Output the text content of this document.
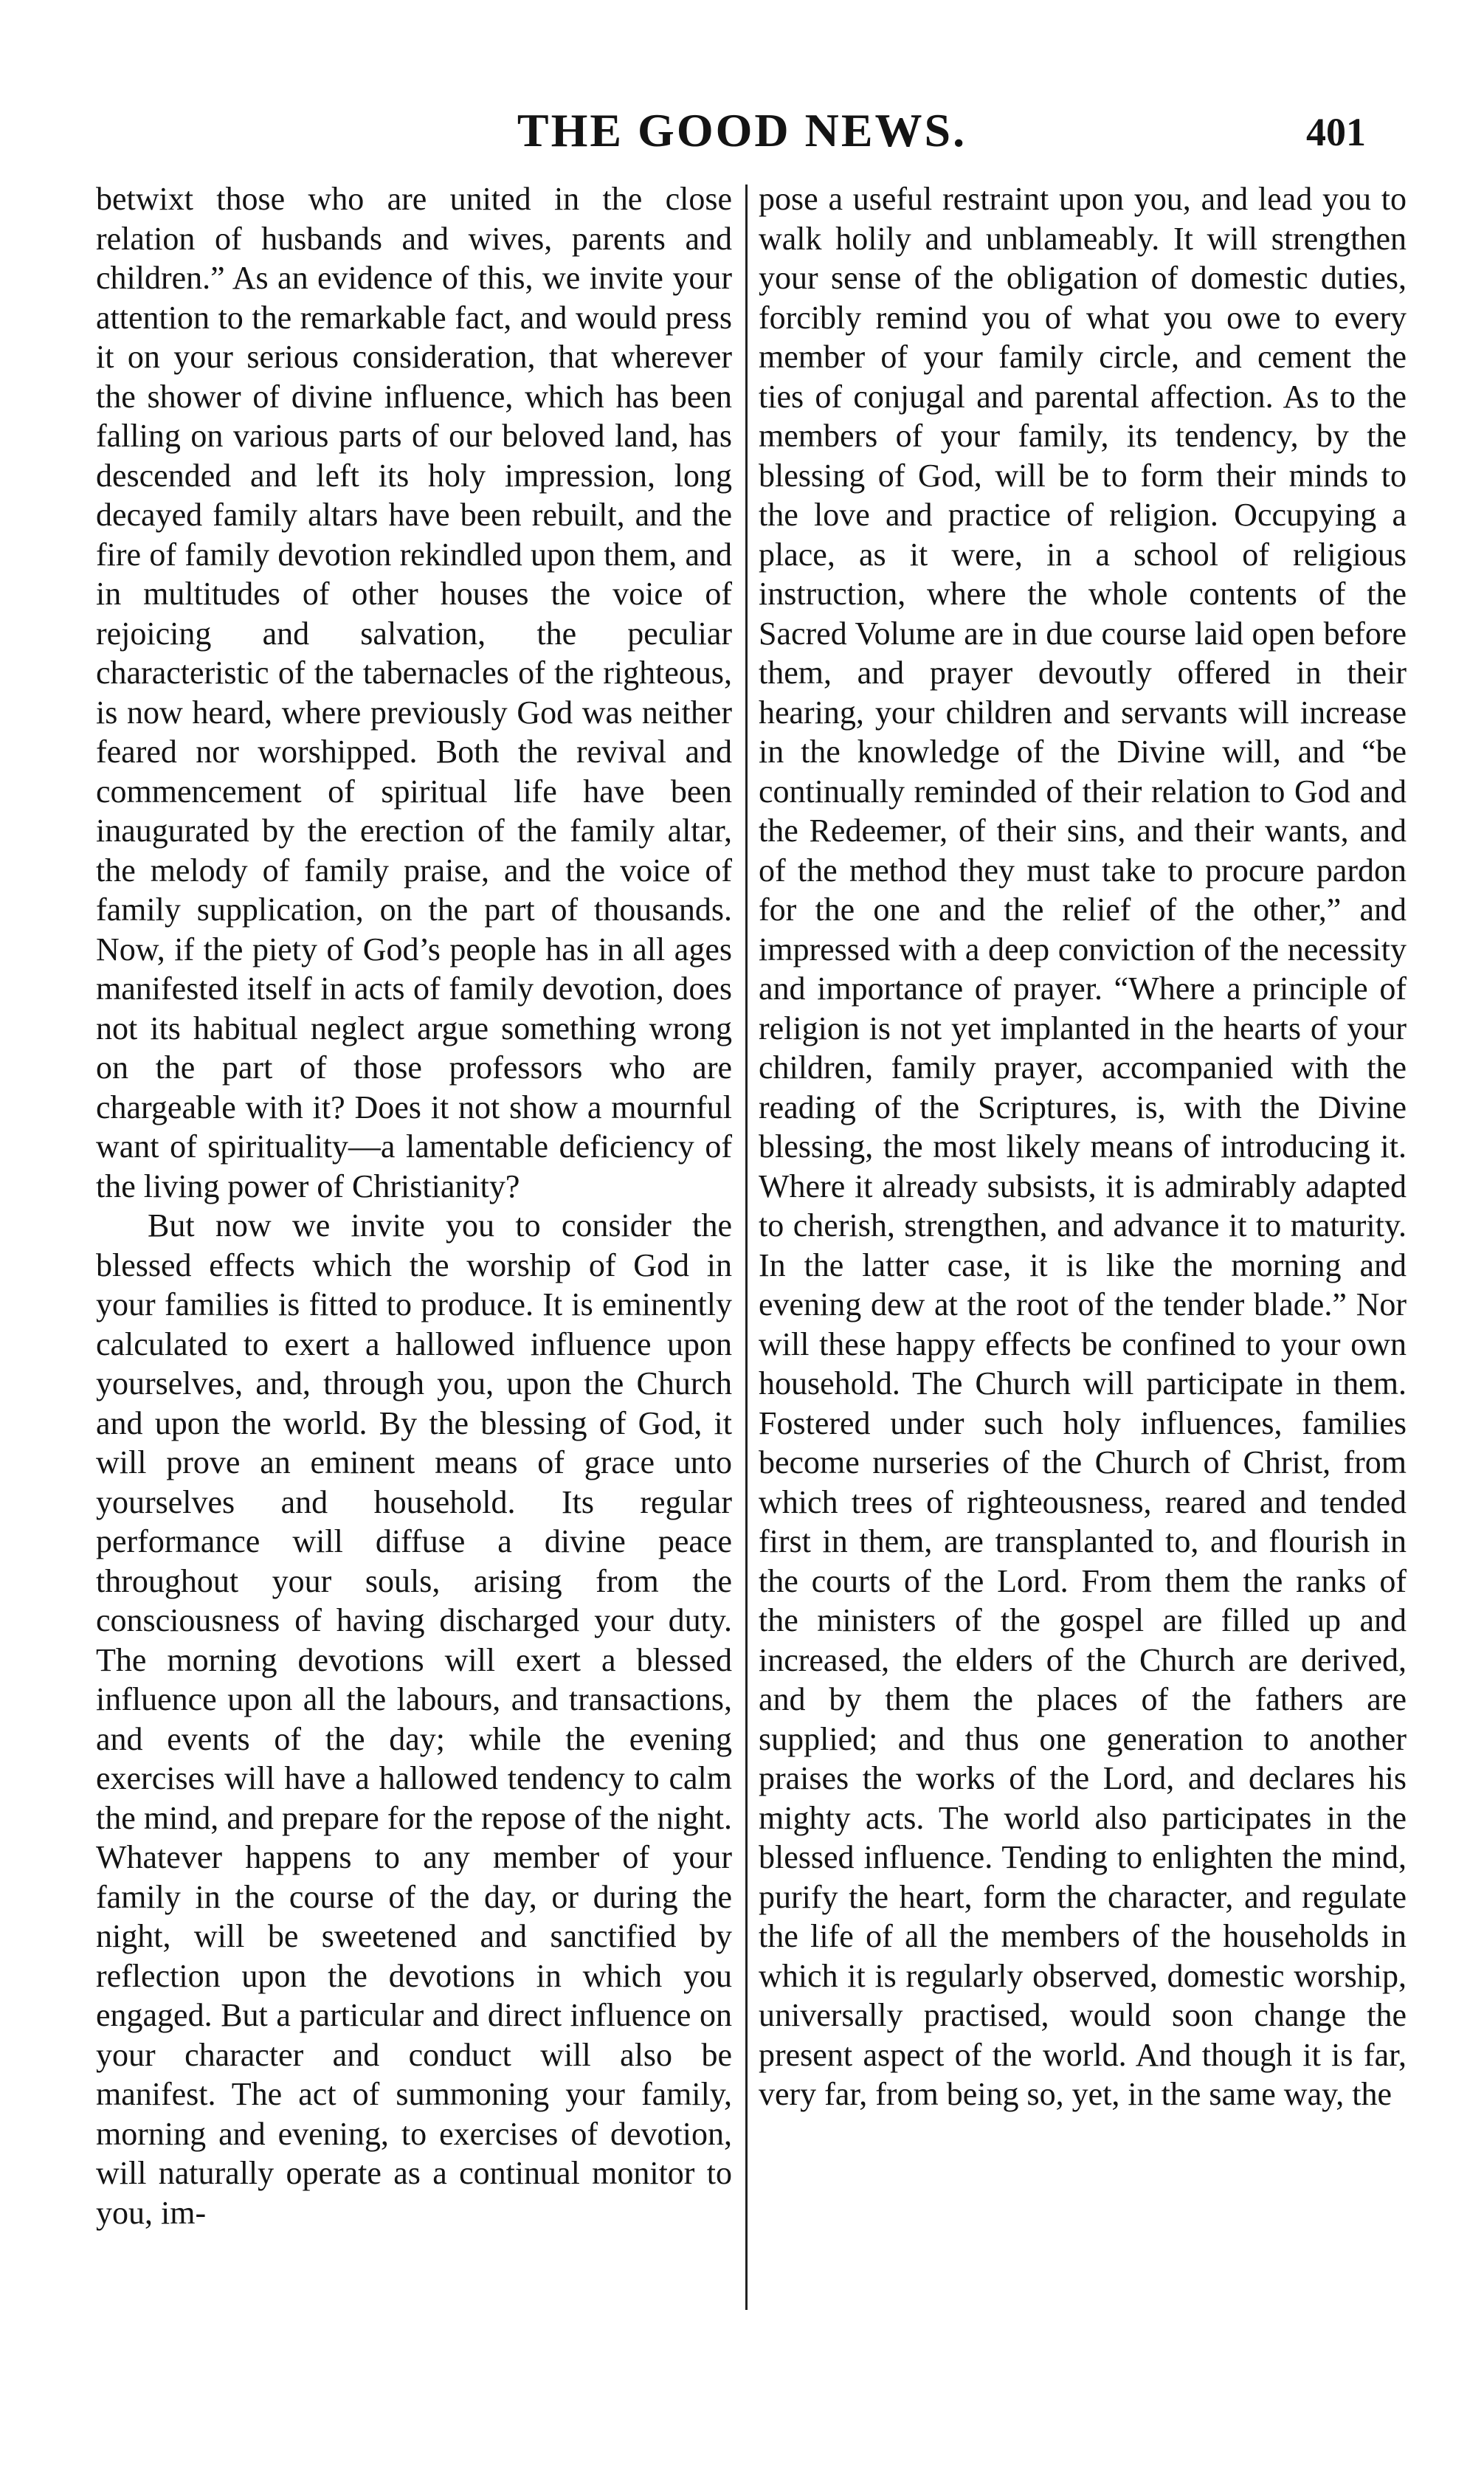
THE GOOD NEWS.	401

betwixt those who are united in the close relation of husbands and wives, parents and children.” As an evidence of this, we invite your attention to the remarkable fact, and would press it on your serious consideration, that wherever the shower of divine influence, which has been falling on various parts of our beloved land, has descended and left its holy impression, long decayed family altars have been rebuilt, and the fire of family devotion rekindled upon them, and in multitudes of other houses the voice of rejoicing and salvation, the peculiar characteristic of the tabernacles of the righteous, is now heard, where previously God was neither feared nor worshipped. Both the revival and commencement of spiritual life have been inaugurated by the erection of the family altar, the melody of family praise, and the voice of family supplication, on the part of thousands. Now, if the piety of God’s people has in all ages manifested itself in acts of family devotion, does not its habitual neglect argue something wrong on the part of those professors who are chargeable with it? Does it not show a mournful want of spirituality—a lamentable deficiency of the living power of Christianity?

But now we invite you to consider the blessed effects which the worship of God in your families is fitted to produce. It is eminently calculated to exert a hallowed influence upon yourselves, and, through you, upon the Church and upon the world. By the blessing of God, it will prove an eminent means of grace unto yourselves and household. Its regular performance will diffuse a divine peace throughout your souls, arising from the consciousness of having discharged your duty. The morning devotions will exert a blessed influence upon all the labours, and transactions, and events of the day; while the evening exercises will have a hallowed tendency to calm the mind, and prepare for the repose of the night. Whatever happens to any member of your family in the course of the day, or during the night, will be sweetened and sanctified by reflection upon the devotions in which you engaged. But a particular and direct influence on your character and conduct will also be manifest. The act of summoning your family, morning and evening, to exercises of devotion, will naturally operate as a continual monitor to you, im-

pose a useful restraint upon you, and lead you to walk holily and unblameably. It will strengthen your sense of the obligation of domestic duties, forcibly remind you of what you owe to every member of your family circle, and cement the ties of conjugal and parental affection. As to the members of your family, its tendency, by the blessing of God, will be to form their minds to the love and practice of religion. Occupying a place, as it were, in a school of religious instruction, where the whole contents of the Sacred Volume are in due course laid open before them, and prayer devoutly offered in their hearing, your children and servants will increase in the knowledge of the Divine will, and “be continually reminded of their relation to God and the Redeemer, of their sins, and their wants, and of the method they must take to procure pardon for the one and the relief of the other,” and impressed with a deep conviction of the necessity and importance of prayer. “Where a principle of religion is not yet implanted in the hearts of your children, family prayer, accompanied with the reading of the Scriptures, is, with the Divine blessing, the most likely means of introducing it. Where it already subsists, it is admirably adapted to cherish, strengthen, and advance it to maturity. In the latter case, it is like the morning and evening dew at the root of the tender blade.” Nor will these happy effects be confined to your own household. The Church will participate in them. Fostered under such holy influences, families become nurseries of the Church of Christ, from which trees of righteousness, reared and tended first in them, are transplanted to, and flourish in the courts of the Lord. From them the ranks of the ministers of the gospel are filled up and increased, the elders of the Church are derived, and by them the places of the fathers are supplied; and thus one generation to another praises the works of the Lord, and declares his mighty acts. The world also participates in the blessed influence. Tending to enlighten the mind, purify the heart, form the character, and regulate the life of all the members of the households in which it is regularly observed, domestic worship, universally practised, would soon change the present aspect of the world. And though it is far, very far, from being so, yet, in the same way, the
